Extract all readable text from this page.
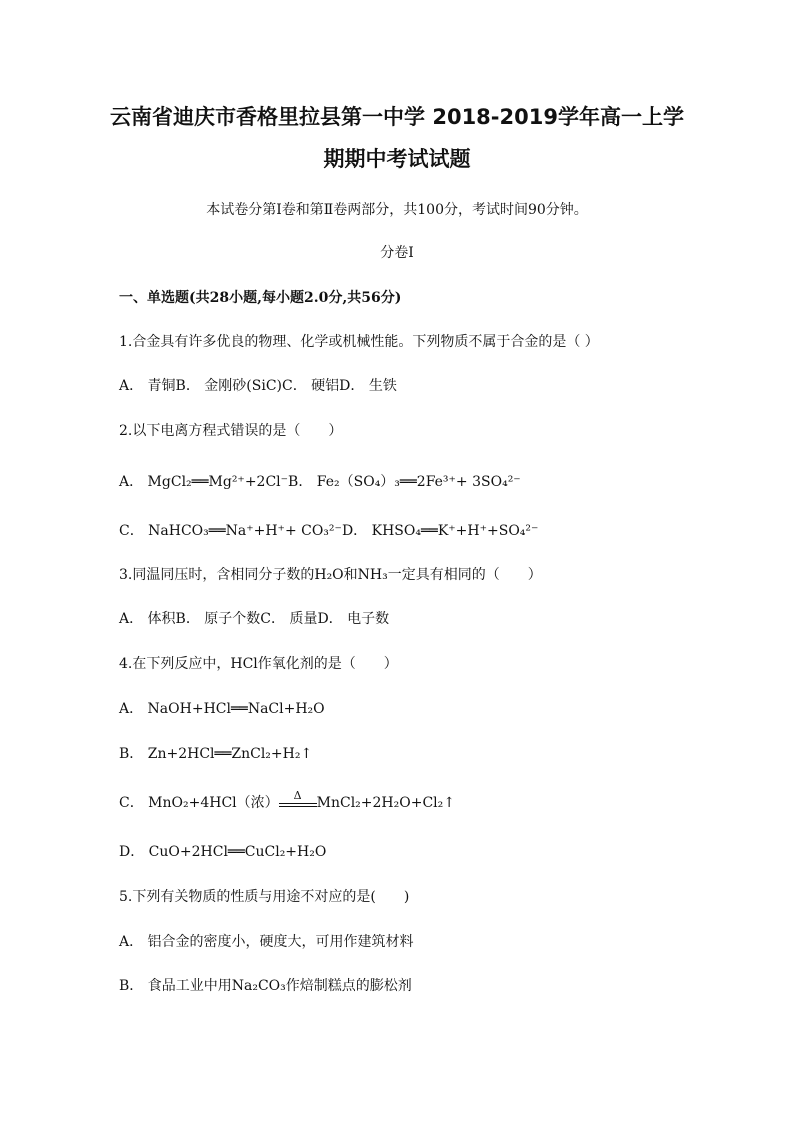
云南省迪庆市香格里拉县第一中学 2018-2019学年高一上学
期期中考试试题
本试卷分第Ⅰ卷和第Ⅱ卷两部分，共100分，考试时间90分钟。
分卷I
一、单选题(共28小题,每小题2.0分,共56分)
1.合金具有许多优良的物理、化学或机械性能。下列物质不属于合金的是（ ）
A． 青铜B． 金刚砂(SiC)C． 硬铝D． 生铁
2.以下电离方程式错误的是（　　）
A． MgCl₂══Mg²⁺+2Cl⁻B． Fe₂（SO₄）₃══2Fe³⁺+ 3SO₄²⁻
C． NaHCO₃══Na⁺+H⁺+ CO₃²⁻D． KHSO₄══K⁺+H⁺+SO₄²⁻
3.同温同压时，含相同分子数的H₂O和NH₃一定具有相同的（　　）
A． 体积B． 原子个数C． 质量D． 电子数
4.在下列反应中，HCl作氧化剂的是（　　）
A． NaOH+HCl══NaCl+H₂O
B． Zn+2HCl══ZnCl₂+H₂↑
C． MnO₂+4HCl（浓）	Δ	MnCl₂+2H₂O+Cl₂↑
D． CuO+2HCl══CuCl₂+H₂O
5.下列有关物质的性质与用途不对应的是(　　)
A． 铝合金的密度小，硬度大，可用作建筑材料
B． 食品工业中用Na₂CO₃作焙制糕点的膨松剂
